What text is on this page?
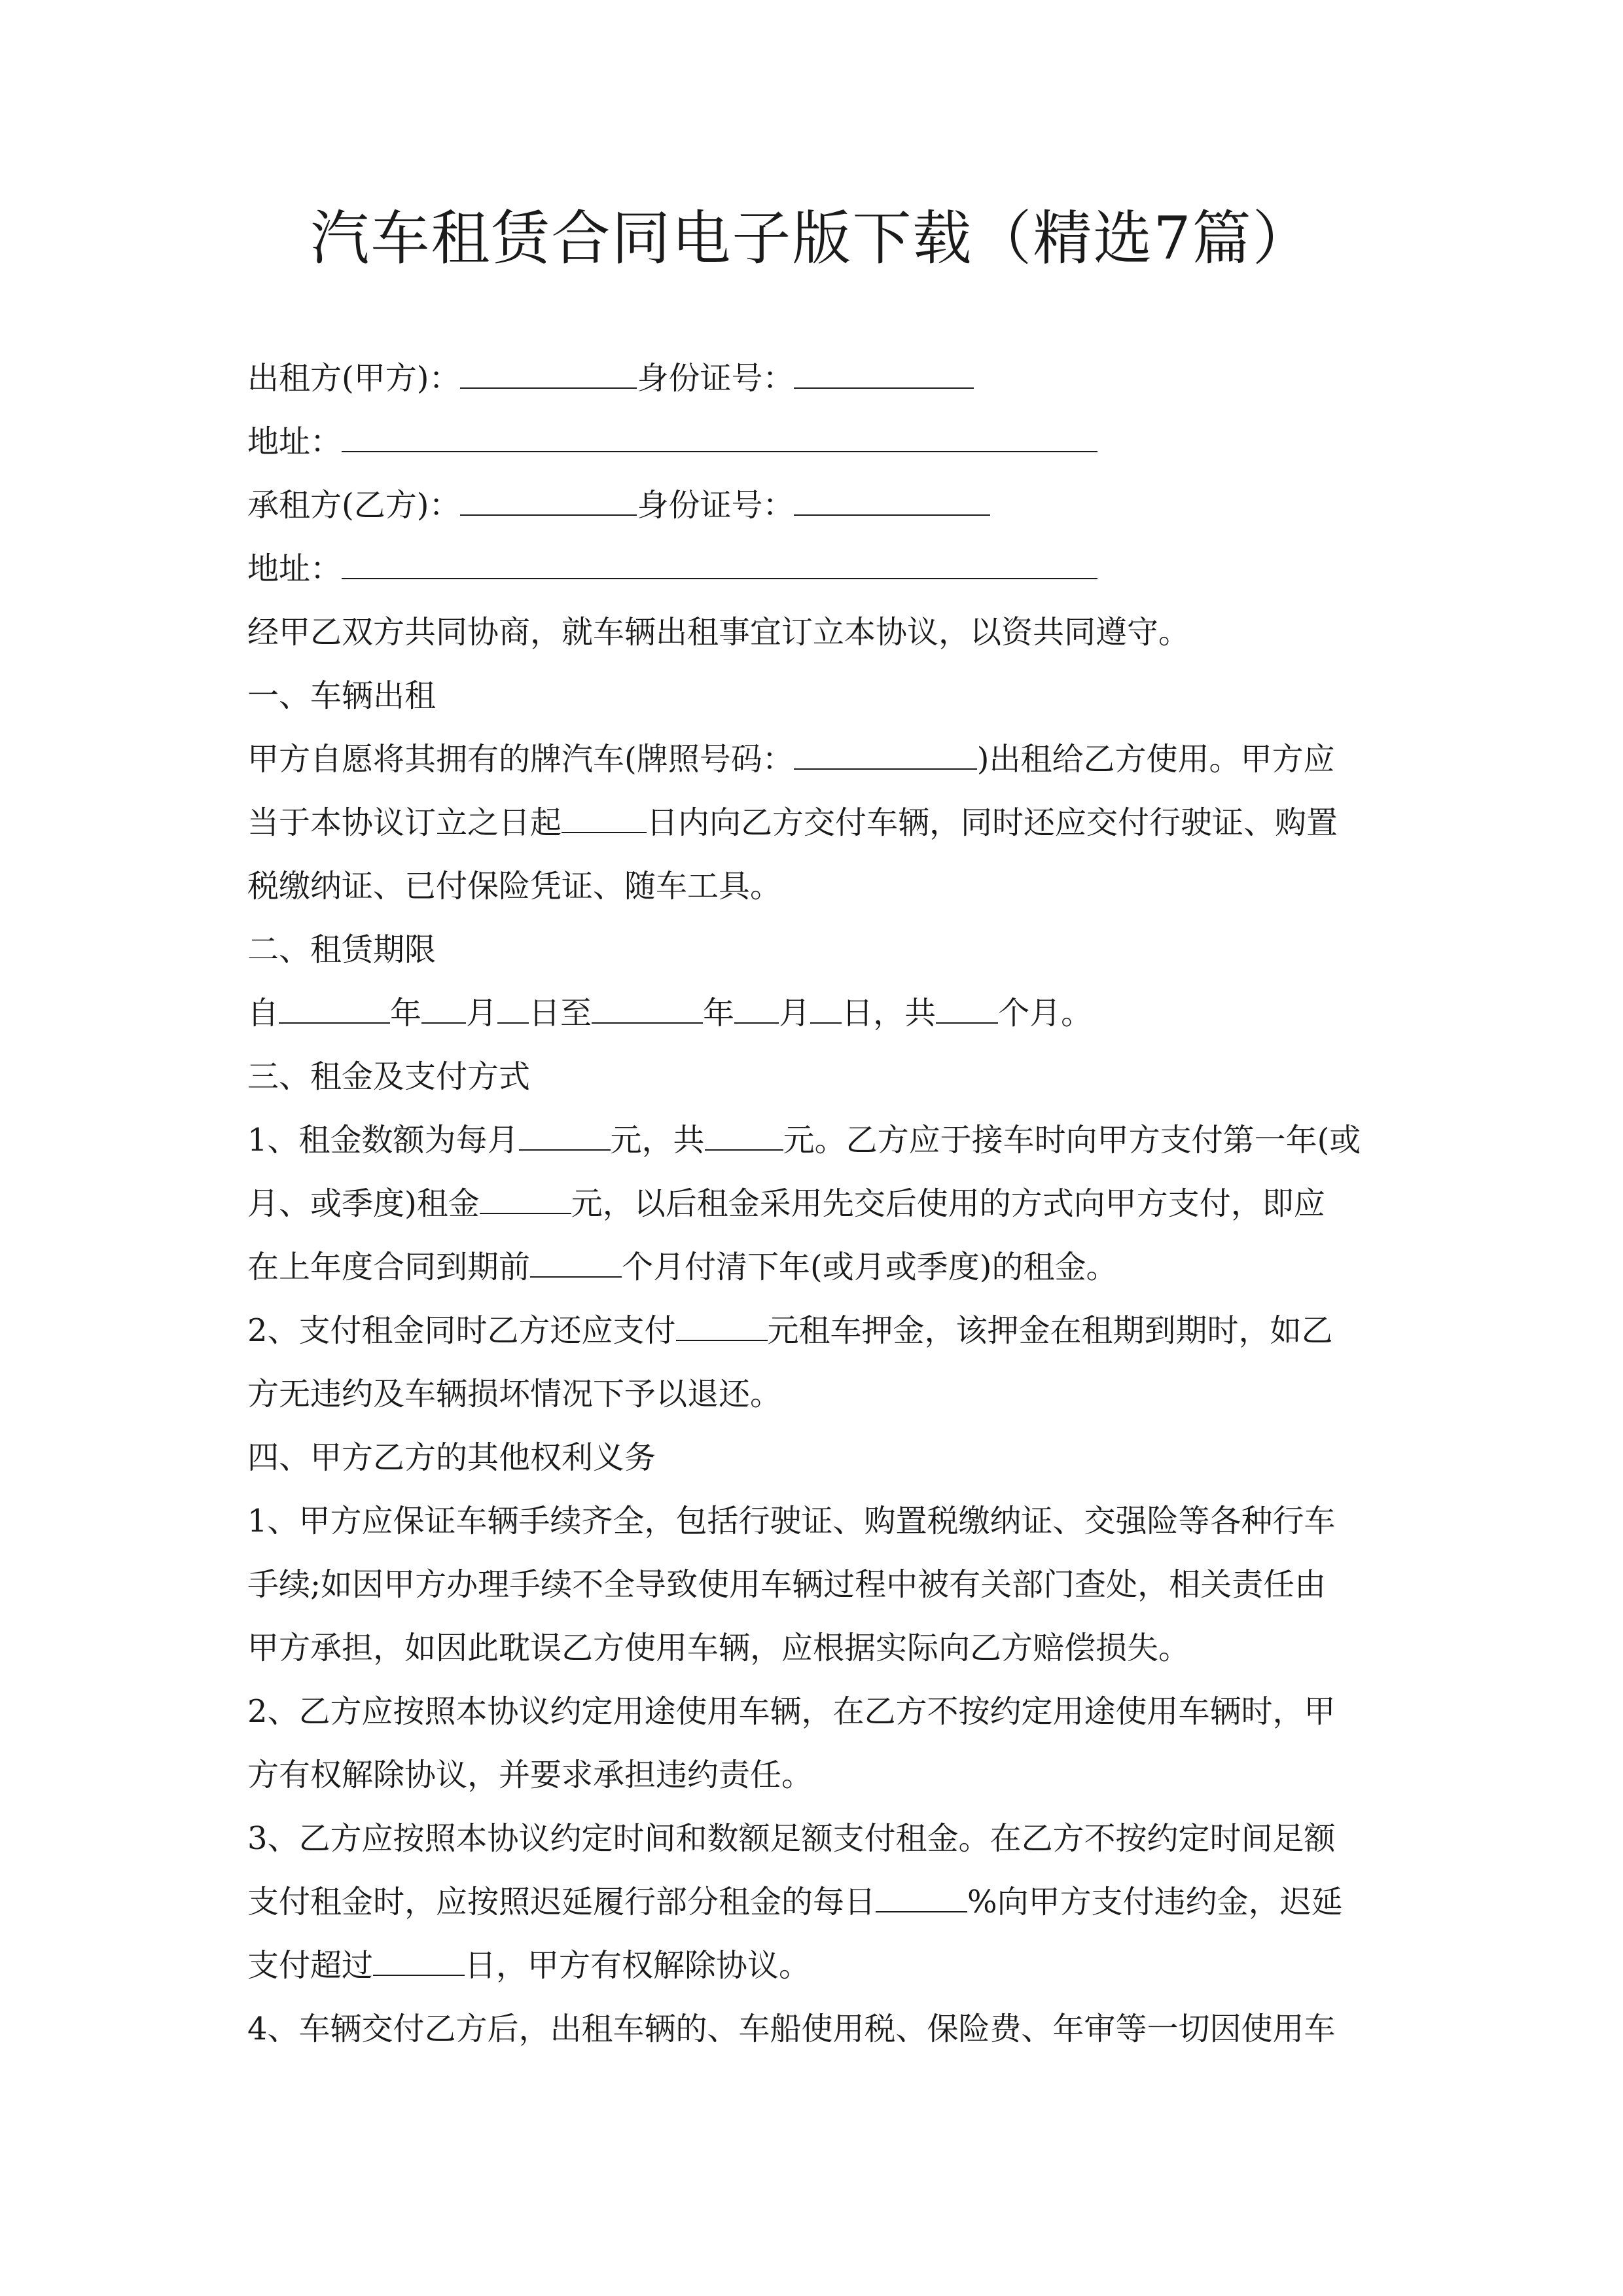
汽车租赁合同电子版下载（精选7篇）
出租方(甲方)：	身份证号：
地址：
承租方(乙方)：	身份证号：
地址：
经甲乙双方共同协商，就车辆出租事宜订立本协议，以资共同遵守。
一、车辆出租
甲方自愿将其拥有的牌汽车(牌照号码：	)出租给乙方使用。甲方应
当于本协议订立之日起	日内向乙方交付车辆，同时还应交付行驶证、购置
税缴纳证、已付保险凭证、随车工具。
二、租赁期限
自	年 月 日至	年 月 日，共 个月。
三、租金及支付方式
1、租金数额为每月	元，共	元。乙方应于接车时向甲方支付第一年(或
月、或季度)租金	元，以后租金采用先交后使用的方式向甲方支付，即应
在上年度合同到期前	个月付清下年(或月或季度)的租金。
2、支付租金同时乙方还应支付	元租车押金，该押金在租期到期时，如乙
方无违约及车辆损坏情况下予以退还。
四、甲方乙方的其他权利义务
1、甲方应保证车辆手续齐全，包括行驶证、购置税缴纳证、交强险等各种行车
手续;如因甲方办理手续不全导致使用车辆过程中被有关部门查处，相关责任由
甲方承担，如因此耽误乙方使用车辆，应根据实际向乙方赔偿损失。
2、乙方应按照本协议约定用途使用车辆，在乙方不按约定用途使用车辆时，甲
方有权解除协议，并要求承担违约责任。
3、乙方应按照本协议约定时间和数额足额支付租金。在乙方不按约定时间足额
支付租金时，应按照迟延履行部分租金的每日	%向甲方支付违约金，迟延
支付超过	日，甲方有权解除协议。
4、车辆交付乙方后，出租车辆的、车船使用税、保险费、年审等一切因使用车
